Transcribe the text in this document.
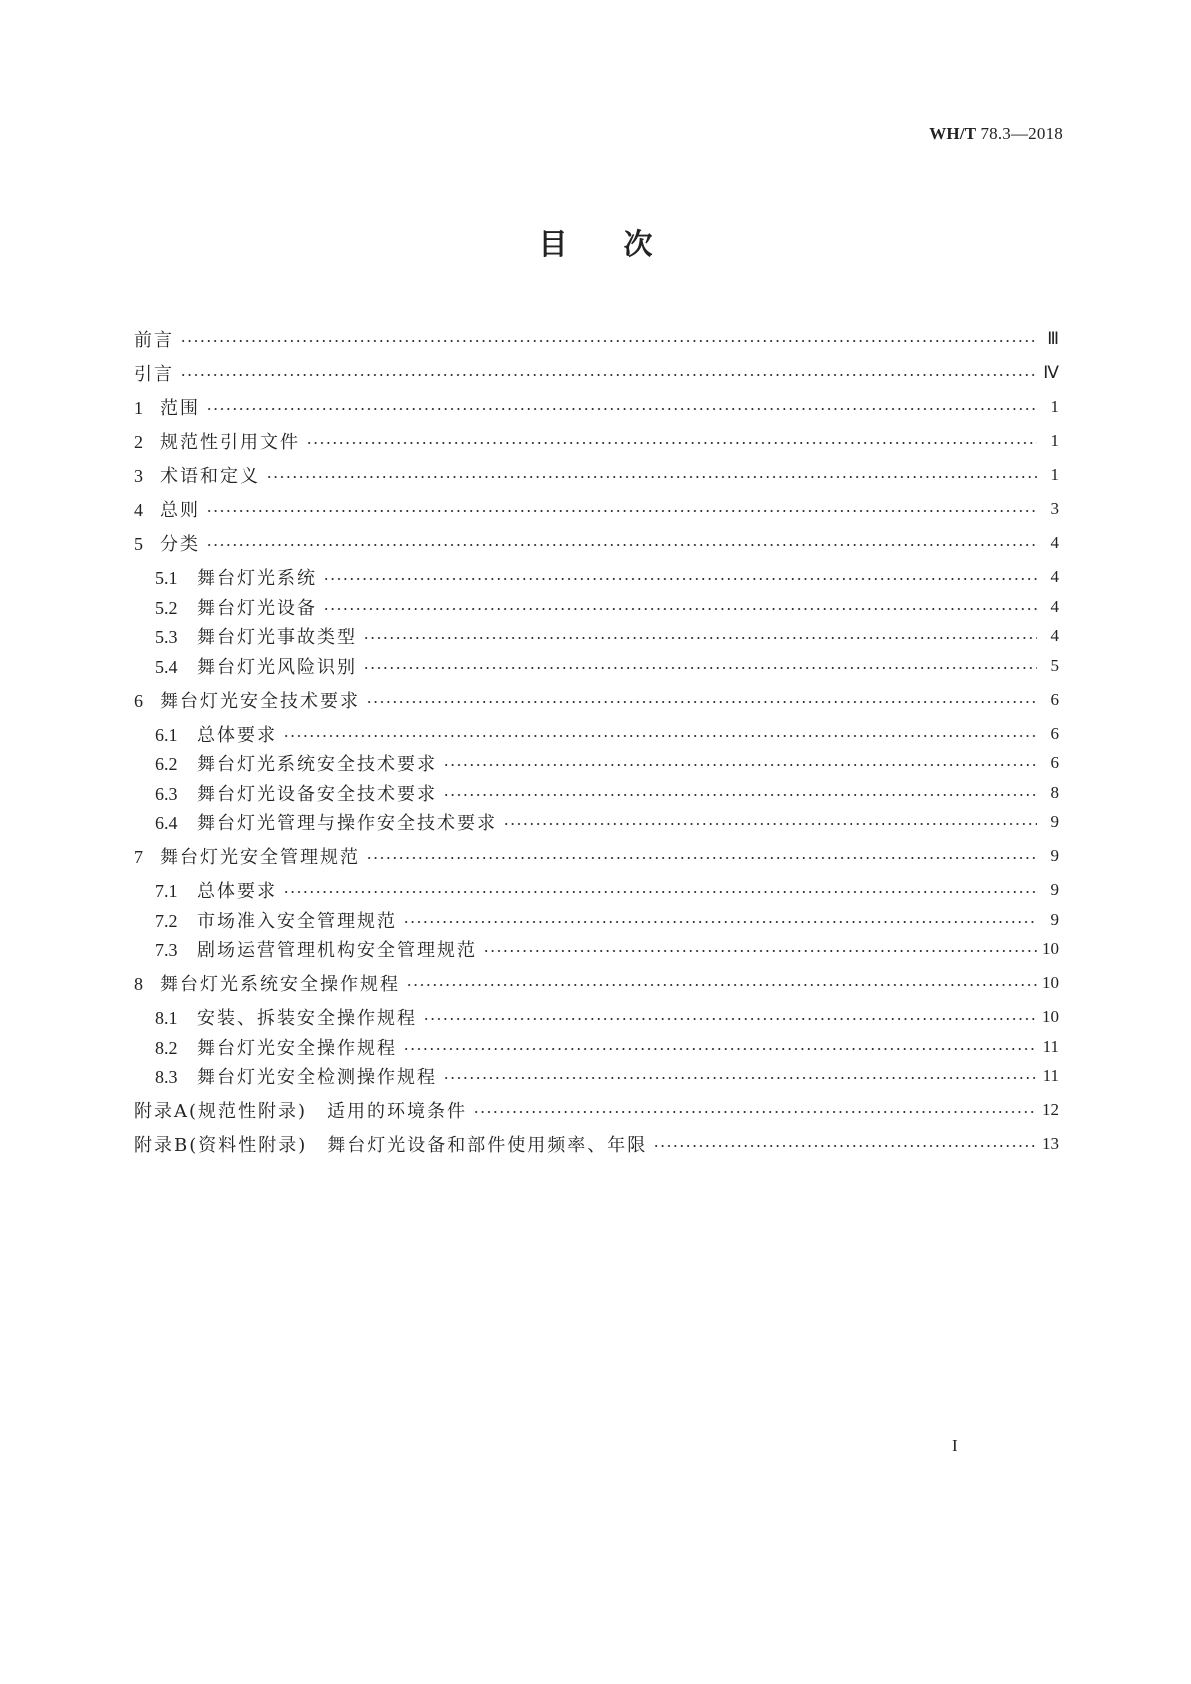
WH/T 78.3—2018
目 次
前言	Ⅲ
引言	Ⅳ
1 范围	1
2 规范性引用文件	1
3 术语和定义	1
4 总则	3
5 分类	4
5.1 舞台灯光系统	4
5.2 舞台灯光设备	4
5.3 舞台灯光事故类型	4
5.4 舞台灯光风险识别	5
6 舞台灯光安全技术要求	6
6.1 总体要求	6
6.2 舞台灯光系统安全技术要求	6
6.3 舞台灯光设备安全技术要求	8
6.4 舞台灯光管理与操作安全技术要求	9
7 舞台灯光安全管理规范	9
7.1 总体要求	9
7.2 市场准入安全管理规范	9
7.3 剧场运营管理机构安全管理规范	10
8 舞台灯光系统安全操作规程	10
8.1 安装、拆装安全操作规程	10
8.2 舞台灯光安全操作规程	11
8.3 舞台灯光安全检测操作规程	11
附录A(规范性附录)　适用的环境条件	12
附录B(资料性附录)　舞台灯光设备和部件使用频率、年限	13
I
